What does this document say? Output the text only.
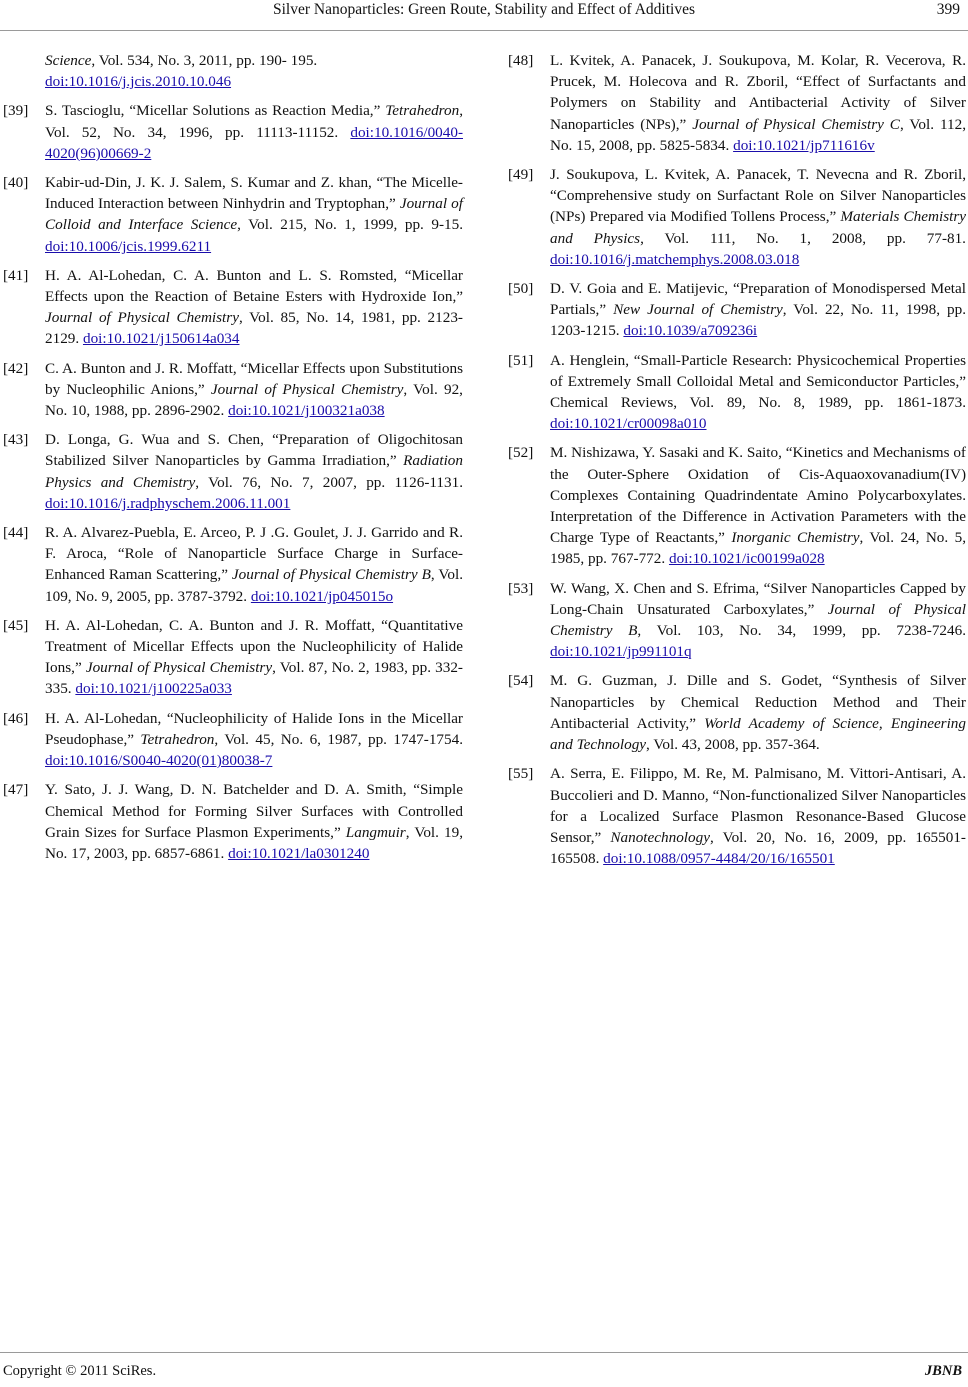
Silver Nanoparticles: Green Route, Stability and Effect of Additives	399
Science, Vol. 534, No. 3, 2011, pp. 190- 195.
doi:10.1016/j.jcis.2010.10.046
[39] S. Tascioglu, “Micellar Solutions as Reaction Media,” Tetrahedron, Vol. 52, No. 34, 1996, pp. 11113-11152. doi:10.1016/0040-4020(96)00669-2
[40] Kabir-ud-Din, J. K. J. Salem, S. Kumar and Z. khan, “The Micelle-Induced Interaction between Ninhydrin and Tryptophan,” Journal of Colloid and Interface Science, Vol. 215, No. 1, 1999, pp. 9-15. doi:10.1006/jcis.1999.6211
[41] H. A. Al-Lohedan, C. A. Bunton and L. S. Romsted, “Micellar Effects upon the Reaction of Betaine Esters with Hydroxide Ion,” Journal of Physical Chemistry, Vol. 85, No. 14, 1981, pp. 2123-2129. doi:10.1021/j150614a034
[42] C. A. Bunton and J. R. Moffatt, “Micellar Effects upon Substitutions by Nucleophilic Anions,” Journal of Physical Chemistry, Vol. 92, No. 10, 1988, pp. 2896-2902. doi:10.1021/j100321a038
[43] D. Longa, G. Wua and S. Chen, “Preparation of Oligochitosan Stabilized Silver Nanoparticles by Gamma Irradiation,” Radiation Physics and Chemistry, Vol. 76, No. 7, 2007, pp. 1126-1131. doi:10.1016/j.radphyschem.2006.11.001
[44] R. A. Alvarez-Puebla, E. Arceo, P. J .G. Goulet, J. J. Garrido and R. F. Aroca, “Role of Nanoparticle Surface Charge in Surface-Enhanced Raman Scattering,” Journal of Physical Chemistry B, Vol. 109, No. 9, 2005, pp. 3787-3792. doi:10.1021/jp045015o
[45] H. A. Al-Lohedan, C. A. Bunton and J. R. Moffatt, “Quantitative Treatment of Micellar Effects upon the Nucleophilicity of Halide Ions,” Journal of Physical Chemistry, Vol. 87, No. 2, 1983, pp. 332-335. doi:10.1021/j100225a033
[46] H. A. Al-Lohedan, “Nucleophilicity of Halide Ions in the Micellar Pseudophase,” Tetrahedron, Vol. 45, No. 6, 1987, pp. 1747-1754. doi:10.1016/S0040-4020(01)80038-7
[47] Y. Sato, J. J. Wang, D. N. Batchelder and D. A. Smith, “Simple Chemical Method for Forming Silver Surfaces with Controlled Grain Sizes for Surface Plasmon Experiments,” Langmuir, Vol. 19, No. 17, 2003, pp. 6857-6861. doi:10.1021/la0301240
[48] L. Kvitek, A. Panacek, J. Soukupova, M. Kolar, R. Vecerova, R. Prucek, M. Holecova and R. Zboril, “Effect of Surfactants and Polymers on Stability and Antibacterial Activity of Silver Nanoparticles (NPs),” Journal of Physical Chemistry C, Vol. 112, No. 15, 2008, pp. 5825-5834. doi:10.1021/jp711616v
[49] J. Soukupova, L. Kvitek, A. Panacek, T. Nevecna and R. Zboril, “Comprehensive study on Surfactant Role on Silver Nanoparticles (NPs) Prepared via Modified Tollens Process,” Materials Chemistry and Physics, Vol. 111, No. 1, 2008, pp. 77-81. doi:10.1016/j.matchemphys.2008.03.018
[50] D. V. Goia and E. Matijevic, “Preparation of Monodispersed Metal Partials,” New Journal of Chemistry, Vol. 22, No. 11, 1998, pp. 1203-1215. doi:10.1039/a709236i
[51] A. Henglein, “Small-Particle Research: Physicochemical Properties of Extremely Small Colloidal Metal and Semiconductor Particles,” Chemical Reviews, Vol. 89, No. 8, 1989, pp. 1861-1873. doi:10.1021/cr00098a010
[52] M. Nishizawa, Y. Sasaki and K. Saito, “Kinetics and Mechanisms of the Outer-Sphere Oxidation of Cis-Aquaoxovanadium(IV) Complexes Containing Quadrindentate Amino Polycarboxylates. Interpretation of the Difference in Activation Parameters with the Charge Type of Reactants,” Inorganic Chemistry, Vol. 24, No. 5, 1985, pp. 767-772. doi:10.1021/ic00199a028
[53] W. Wang, X. Chen and S. Efrima, “Silver Nanoparticles Capped by Long-Chain Unsaturated Carboxylates,” Journal of Physical Chemistry B, Vol. 103, No. 34, 1999, pp. 7238-7246. doi:10.1021/jp991101q
[54] M. G. Guzman, J. Dille and S. Godet, “Synthesis of Silver Nanoparticles by Chemical Reduction Method and Their Antibacterial Activity,” World Academy of Science, Engineering and Technology, Vol. 43, 2008, pp. 357-364.
[55] A. Serra, E. Filippo, M. Re, M. Palmisano, M. Vittori-Antisari, A. Buccolieri and D. Manno, “Non-functionalized Silver Nanoparticles for a Localized Surface Plasmon Resonance-Based Glucose Sensor,” Nanotechnology, Vol. 20, No. 16, 2009, pp. 165501-165508. doi:10.1088/0957-4484/20/16/165501
Copyright © 2011 SciRes.	JBNB
